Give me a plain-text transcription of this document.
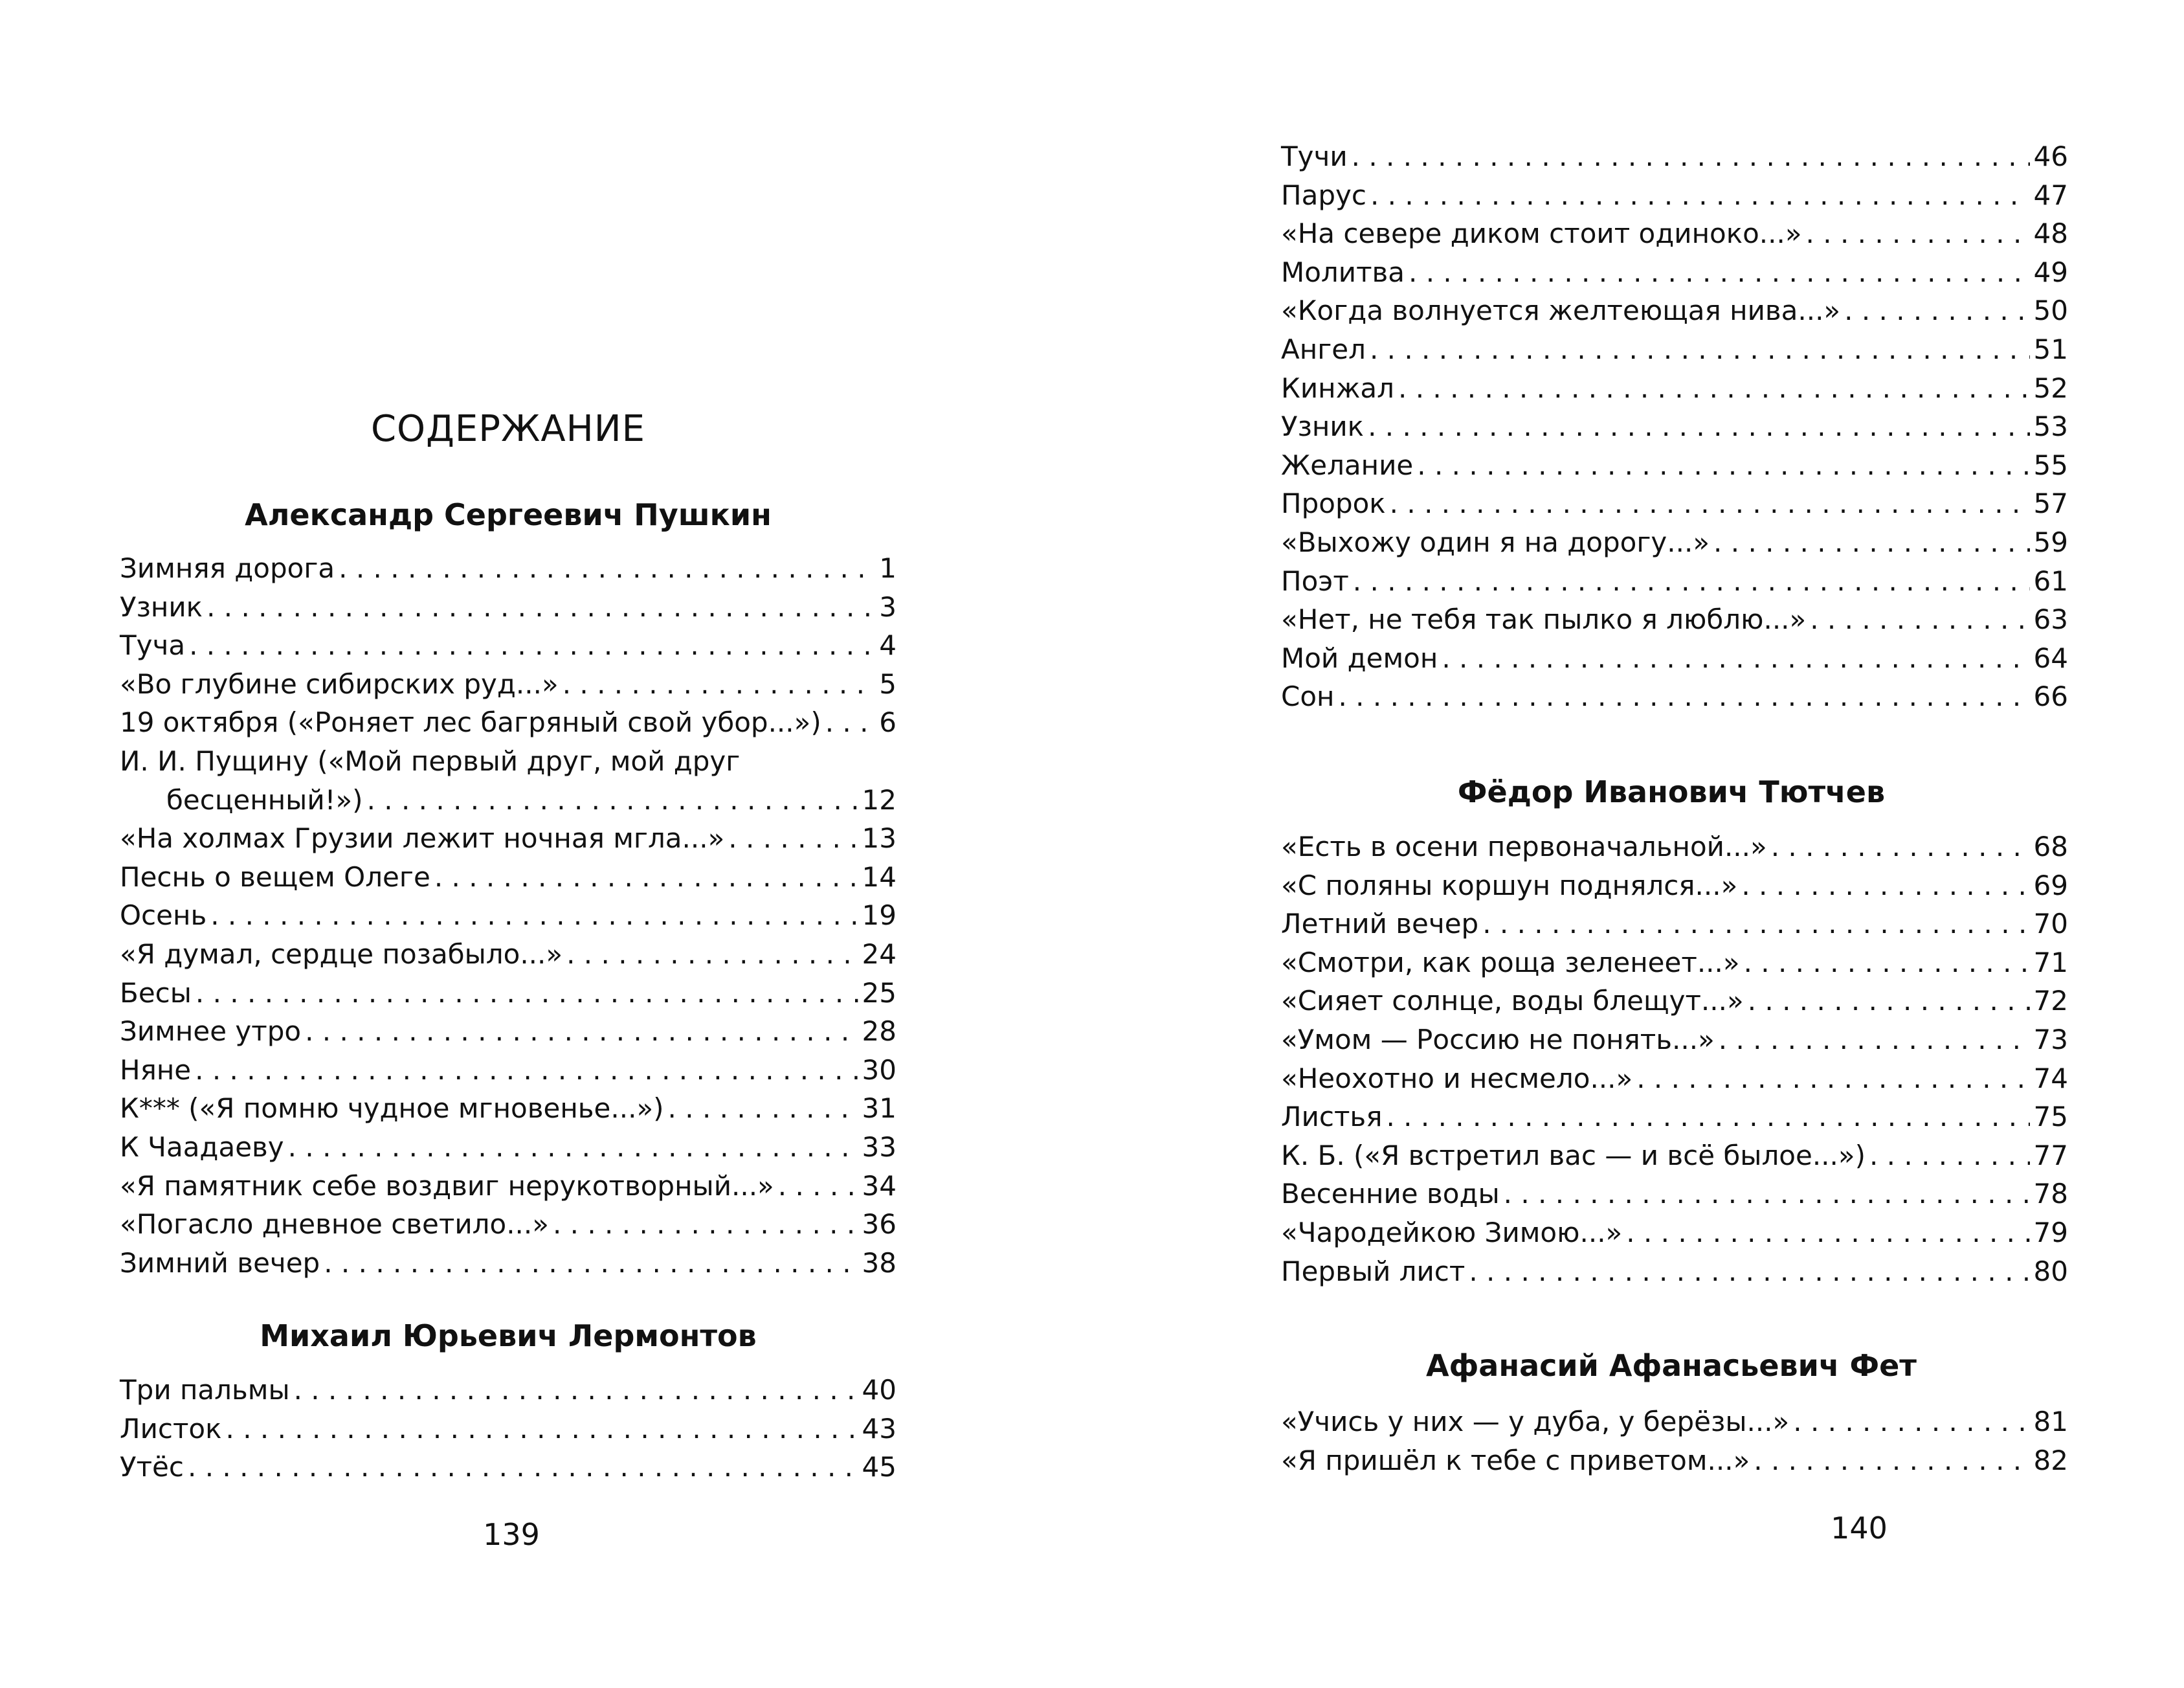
СОДЕРЖАНИЕ
Александр Сергеевич Пушкин
Зимняя дорога . . .	1
Узник . . .	3
Туча . . .	4
«Во глубине сибирских руд...» . . .	5
19 октября («Роняет лес багряный свой убор...») . . . 6
И. И. Пущину («Мой первый друг, мой друг
бесценный!») . . .	12
«На холмах Грузии лежит ночная мгла...» . . .	13
Песнь о вещем Олеге . . .	14
Осень . . .	19
«Я думал, сердце позабыло...» . . .	24
Бесы . . .	25
Зимнее утро . . .	28
Няне . . .	30
К*** («Я помню чудное мгновенье...») . . .	31
К Чаадаеву . . .	33
«Я памятник себе воздвиг нерукотворный...» . . .	34
«Погасло дневное светило...» . . .	36
Зимний вечер . . .	38
Михаил Юрьевич Лермонтов
Три пальмы . . .	40
Листок . . .	43
Утёс . . .	45
139
Тучи . . .	46
Парус . . .	47
«На севере диком стоит одиноко...» . . .	48
Молитва . . .	49
«Когда волнуется желтеющая нива...» . . .	50
Ангел . . .	51
Кинжал . . .	52
Узник . . .	53
Желание . . .	55
Пророк . . .	57
«Выхожу один я на дорогу...» . . .	59
Поэт . . .	61
«Нет, не тебя так пылко я люблю...» . . .	63
Мой демон . . .	64
Сон . . .	66
Фёдор Иванович Тютчев
«Есть в осени первоначальной...» . . .	68
«С поляны коршун поднялся...» . . .	69
Летний вечер . . .	70
«Смотри, как роща зеленеет...» . . .	71
«Сияет солнце, воды блещут...» . . .	72
«Умом — Россию не понять...» . . .	73
«Неохотно и несмело...» . . .	74
Листья . . .	75
К. Б. («Я встретил вас — и всё былое...») . . .	77
Весенние воды . . .	78
«Чародейкою Зимою...» . . .	79
Первый лист . . .	80
Афанасий Афанасьевич Фет
«Учись у них — у дуба, у берёзы...» . . .	81
«Я пришёл к тебе с приветом...» . . .	82
140
